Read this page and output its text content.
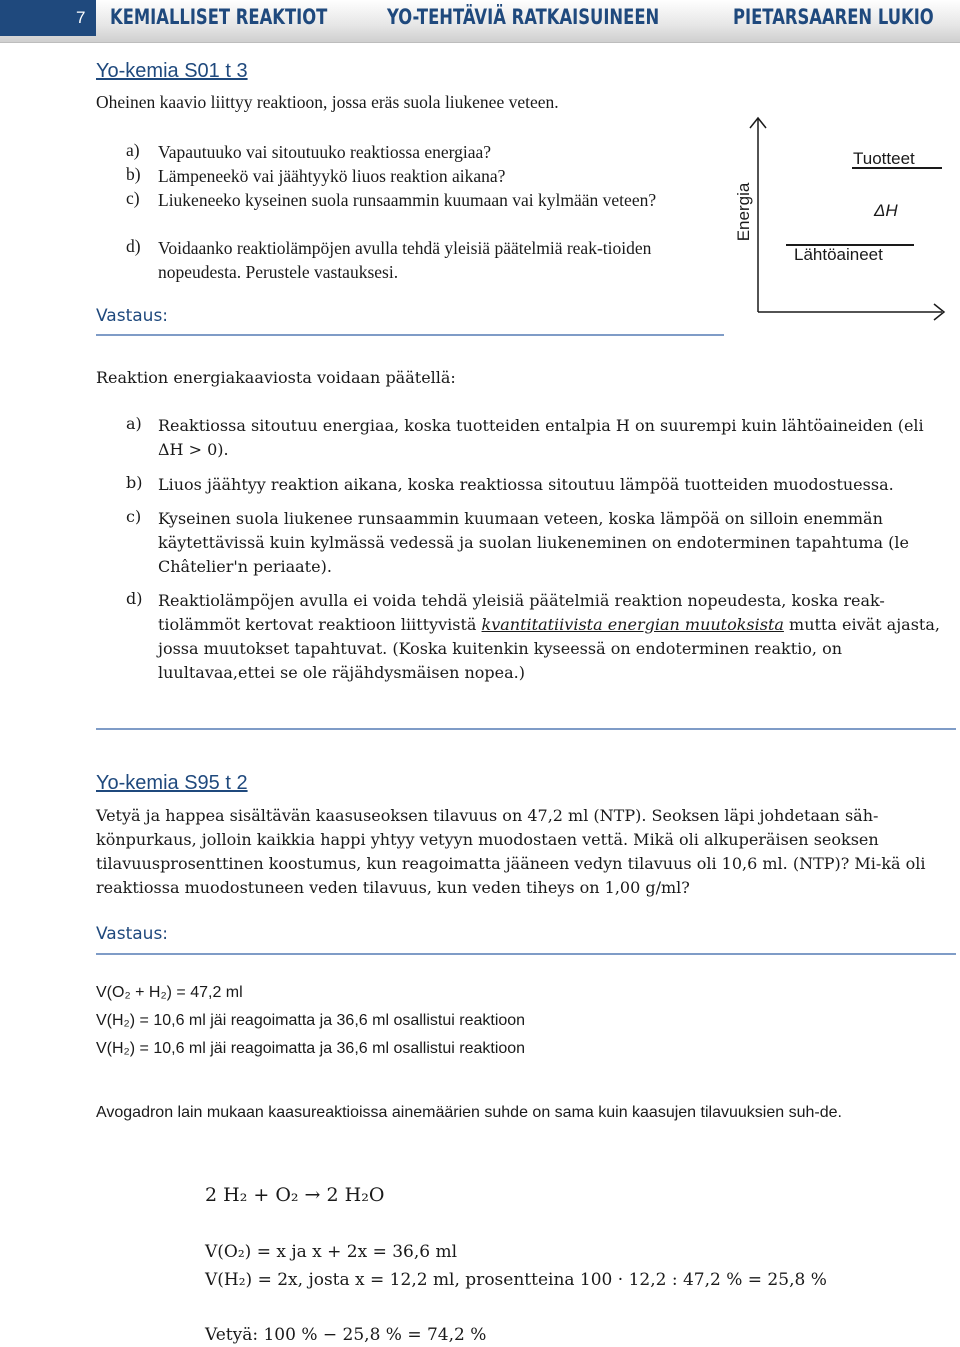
7	KEMIALLISET REAKTIOT	YO-TEHTÄVIÄ RATKAISUINEEN	PIETARSAAREN LUKIO
Yo-kemia S01 t 3
Oheinen kaavio liittyy reaktioon, jossa eräs suola liukenee veteen.
a) Vapautuuko vai sitoutuuko reaktiossa energiaa?
b) Lämpeneekö vai jäähtyykö liuos reaktion aikana?
c) Liukeneeko kyseinen suola runsaammin kuumaan vai kylmään veteen?
d) Voidaanko reaktiolämpöjen avulla tehdä yleisiä päätelmiä reak-tioiden nopeudesta. Perustele vastauksesi.
Vastaus:
Energia
Tuotteet
ΔH
Lähtöaineet
Reaktion energiakaaviosta voidaan päätellä:
a) Reaktiossa sitoutuu energiaa, koska tuotteiden entalpia H on suurempi kuin lähtöaineiden (eli ΔH > 0).
b) Liuos jäähtyy reaktion aikana, koska reaktiossa sitoutuu lämpöä tuotteiden muodostuessa.
c) Kyseinen suola liukenee runsaammin kuumaan veteen, koska lämpöä on silloin enemmän käytettävissä kuin kylmässä vedessä ja suolan liukeneminen on endoterminen tapahtuma (le Châtelier'n periaate).
d) Reaktiolämpöjen avulla ei voida tehdä yleisiä päätelmiä reaktion nopeudesta, koska reak-tiolämmöt kertovat reaktioon liittyvistä kvantitatiivista energian muutoksista mutta eivät ajasta, jossa muutokset tapahtuvat. (Koska kuitenkin kyseessä on endoterminen reaktio, on luultavaa,ettei se ole räjähdysmäisen nopea.)
Yo-kemia S95 t 2
Vetyä ja happea sisältävän kaasuseoksen tilavuus on 47,2 ml (NTP). Seoksen läpi johdetaan säh-könpurkaus, jolloin kaikkia happi yhtyy vetyyn muodostaen vettä. Mikä oli alkuperäisen seoksen tilavuusprosenttinen koostumus, kun reagoimatta jääneen vedyn tilavuus oli 10,6 ml. (NTP)? Mi-kä oli reaktiossa muodostuneen veden tilavuus, kun veden tiheys on 1,00 g/ml?
Vastaus:
V(O₂ + H₂) = 47,2 ml
V(H₂) = 10,6 ml jäi reagoimatta ja 36,6 ml osallistui reaktioon
V(H₂) = 10,6 ml jäi reagoimatta ja 36,6 ml osallistui reaktioon
Avogadron lain mukaan kaasureaktioissa ainemäärien suhde on sama kuin kaasujen tilavuuksien suh-de.
2 H₂ + O₂ → 2 H₂O
V(O₂) = x ja x + 2x = 36,6 ml
V(H₂) = 2x, josta x = 12,2 ml, prosentteina 100 · 12,2 : 47,2 % = 25,8 %
Vetyä: 100 % − 25,8 % = 74,2 %
